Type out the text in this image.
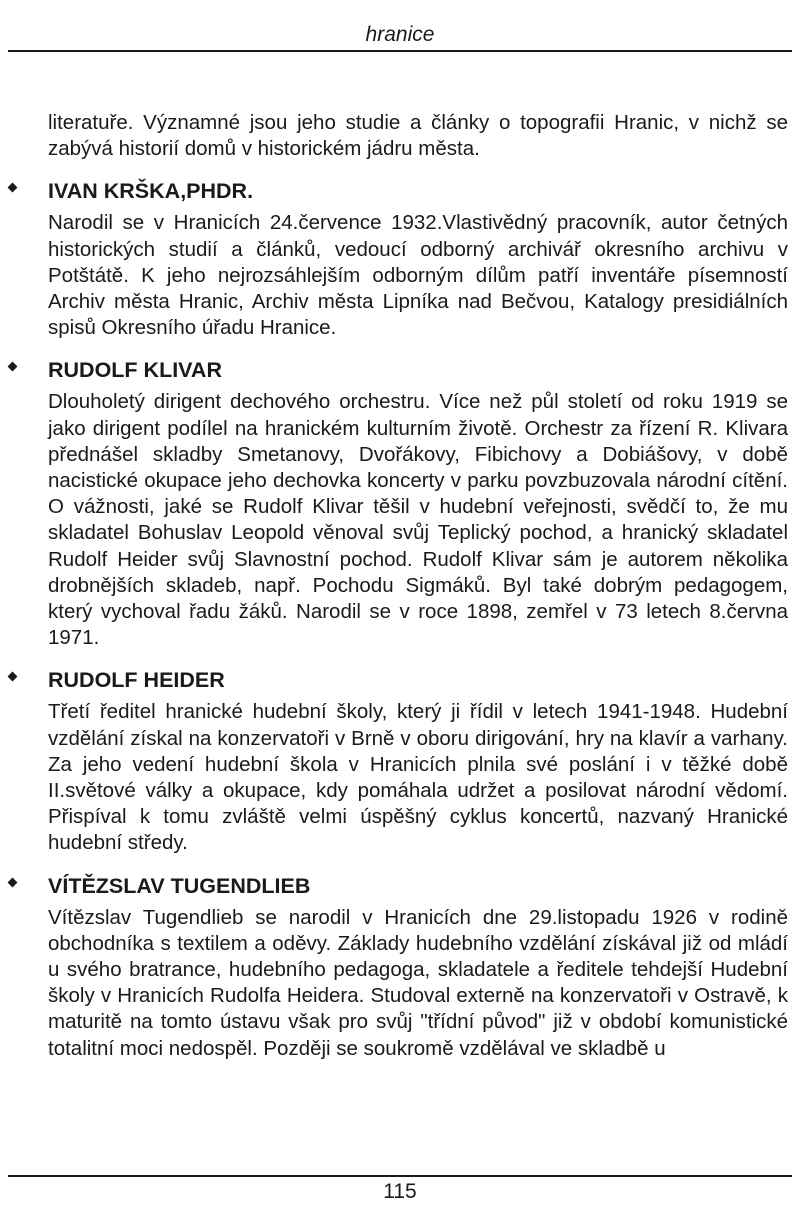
hranice

literatuře. Významné jsou jeho studie a články o topografii Hranic, v nichž se zabývá historií domů v historickém jádru města.

IVAN KRŠKA,PHDR.

Narodil se v Hranicích 24.července 1932.Vlastivědný pracovník, autor četných historických studií a článků, vedoucí odborný archivář okresního archivu v Potštátě. K jeho nejrozsáhlejším odborným dílům patří inventáře písemností Archiv města Hranic, Archiv města Lipníka nad Bečvou, Katalogy presidiálních spisů Okresního úřadu Hranice.

RUDOLF KLIVAR

Dlouholetý dirigent dechového orchestru. Více než půl století od roku 1919 se jako dirigent podílel na hranickém kulturním životě. Orchestr za řízení R. Klivara přednášel skladby Smetanovy, Dvořákovy, Fibichovy a Dobiášovy, v době nacistické okupace jeho dechovka koncerty v parku povzbuzovala národní cítění. O vážnosti, jaké se Rudolf Klivar těšil v hudební veřejnosti, svědčí to, že mu skladatel Bohuslav Leopold věnoval svůj Teplický pochod, a hranický skladatel Rudolf Heider svůj Slavnostní pochod. Rudolf Klivar sám je autorem několika drobnějších skladeb, např. Pochodu Sigmáků. Byl také dobrým pedagogem, který vychoval řadu žáků. Narodil se v roce 1898, zemřel v 73 letech 8.června 1971.

RUDOLF HEIDER

Třetí ředitel hranické hudební školy, který ji řídil v letech 1941-1948. Hudební vzdělání získal na konzervatoři v Brně v oboru dirigování, hry na klavír a varhany. Za jeho vedení hudební škola v Hranicích plnila své poslání i v těžké době II.světové války a okupace, kdy pomáhala udržet a posilovat národní vědomí. Přispíval k tomu zvláště velmi úspěšný cyklus koncertů, nazvaný Hranické hudební středy.

VÍTĚZSLAV TUGENDLIEB

Vítězslav Tugendlieb se narodil v Hranicích dne 29.listopadu 1926 v rodině obchodníka s textilem a oděvy. Základy hudebního vzdělání získával již od mládí u svého bratrance, hudebního pedagoga, skladatele a ředitele tehdejší Hudební školy v Hranicích Rudolfa Heidera. Studoval externě na konzervatoři v Ostravě, k maturitě na tomto ústavu však pro svůj "třídní původ" již v období komunistické totalitní moci nedospěl. Později se soukromě vzdělával ve skladbě u

115
